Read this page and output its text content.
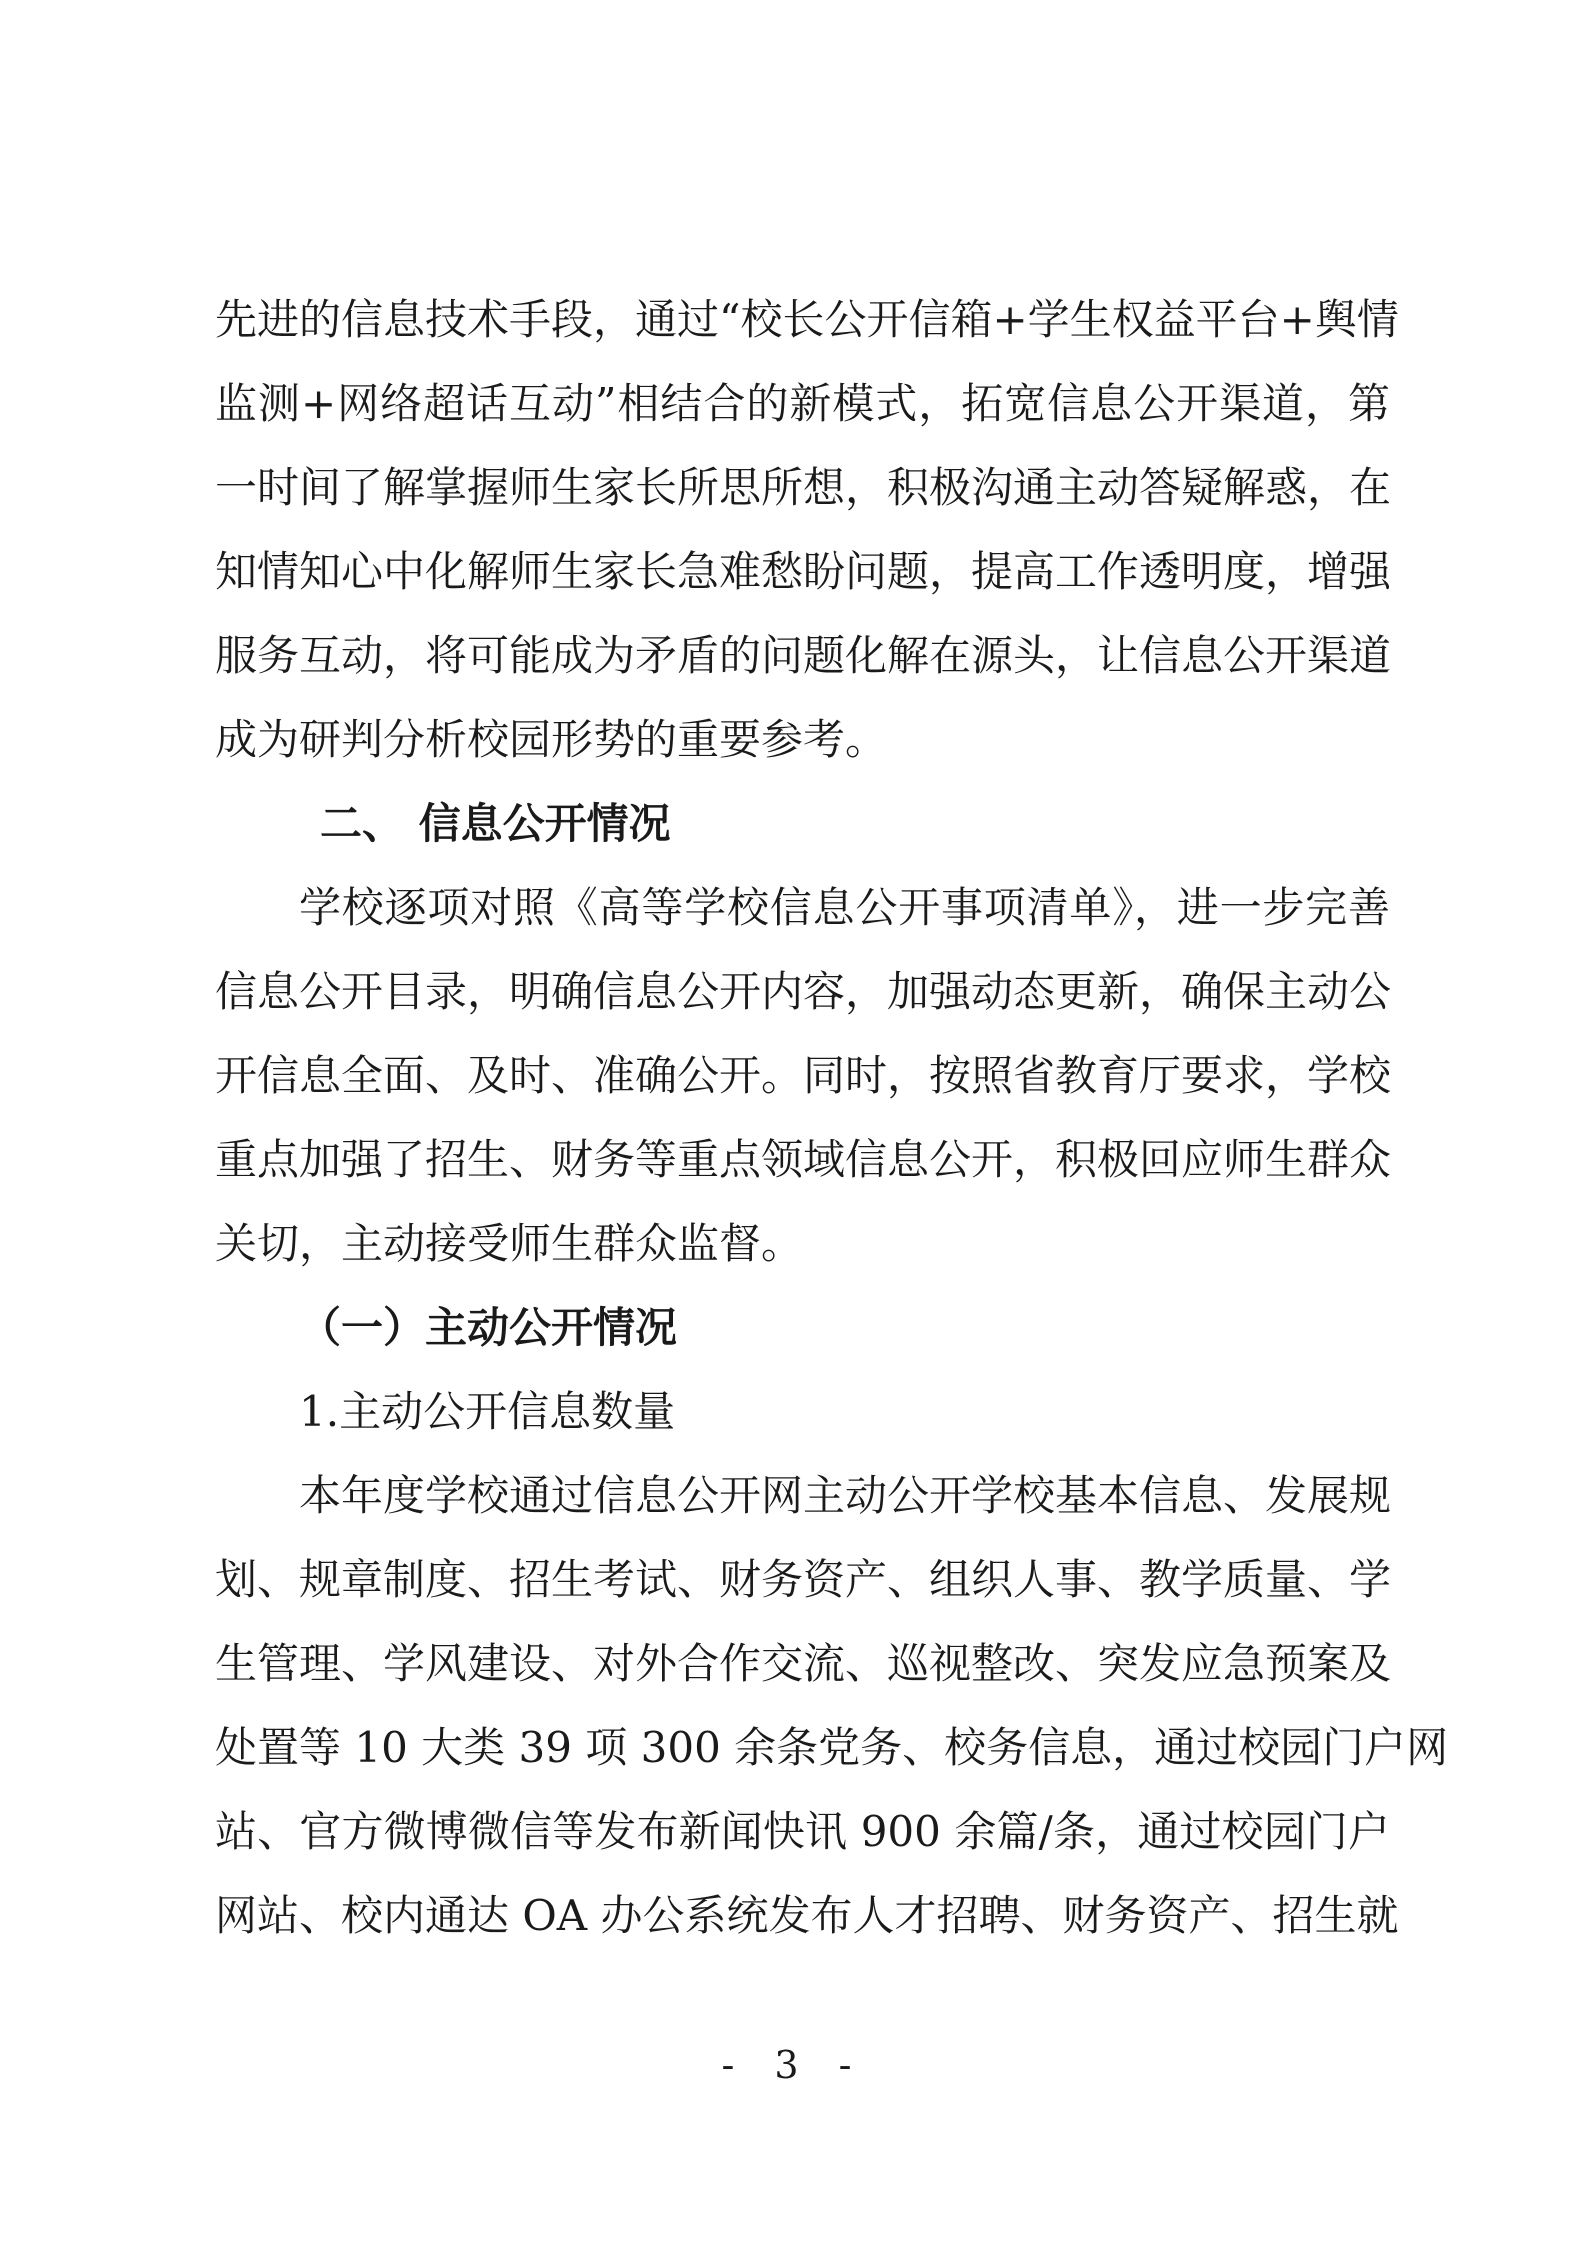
先进的信息技术手段，通过“校长公开信箱+学生权益平台+舆情
监测+网络超话互动”相结合的新模式，拓宽信息公开渠道，第
一时间了解掌握师生家长所思所想，积极沟通主动答疑解惑，在
知情知心中化解师生家长急难愁盼问题，提高工作透明度，增强
服务互动，将可能成为矛盾的问题化解在源头，让信息公开渠道
成为研判分析校园形势的重要参考。
二、 信息公开情况
学校逐项对照《高等学校信息公开事项清单》，进一步完善
信息公开目录，明确信息公开内容，加强动态更新，确保主动公
开信息全面、及时、准确公开。同时，按照省教育厅要求，学校
重点加强了招生、财务等重点领域信息公开，积极回应师生群众
关切，主动接受师生群众监督。
（一）主动公开情况
1.主动公开信息数量
本年度学校通过信息公开网主动公开学校基本信息、发展规
划、规章制度、招生考试、财务资产、组织人事、教学质量、学
生管理、学风建设、对外合作交流、巡视整改、突发应急预案及
处置等 10 大类 39 项 300 余条党务、校务信息，通过校园门户网
站、官方微博微信等发布新闻快讯 900 余篇/条，通过校园门户
网站、校内通达 OA 办公系统发布人才招聘、财务资产、招生就
- 3 -
